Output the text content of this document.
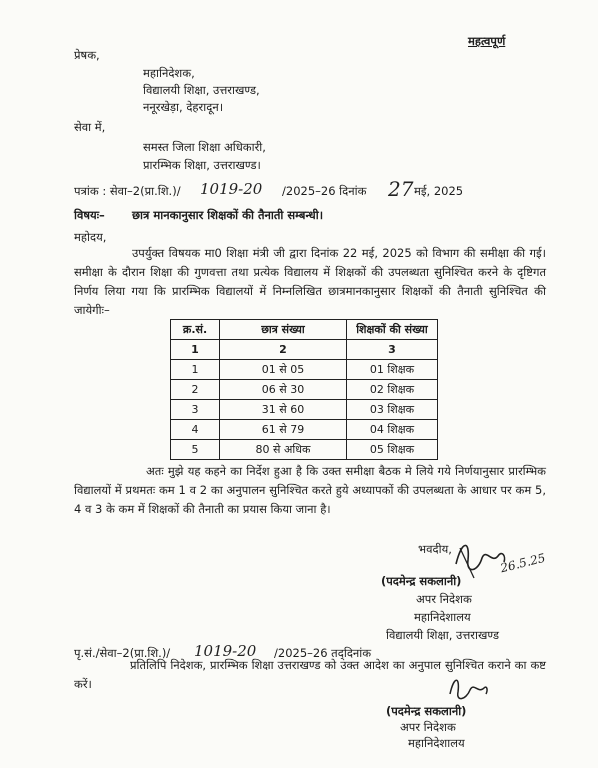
महत्वपूर्ण
प्रेषक,
महानिदेशक,
विद्यालयी शिक्षा, उत्तराखण्ड,
ननूरखेड़ा, देहरादून।
सेवा में,
समस्त जिला शिक्षा अधिकारी,
प्रारम्भिक शिक्षा, उत्तराखण्ड।
पत्रांक : सेवा–2(प्रा.शि.)/ 1019-20 /2025–26 दिनांक 27 मई, 2025
विषयः– छात्र मानकानुसार शिक्षकों की तैनाती सम्बन्धी।
महोदय,
उपर्युक्त विषयक मा0 शिक्षा मंत्री जी द्वारा दिनांक 22 मई, 2025 को विभाग की समीक्षा की गई। समीक्षा के दौरान शिक्षा की गुणवत्ता तथा प्रत्येक विद्यालय में शिक्षकों की उपलब्धता सुनिश्चित करने के दृष्टिगत निर्णय लिया गया कि प्रारम्भिक विद्यालयों में निम्नलिखित छात्रमानकानुसार शिक्षकों की तैनाती सुनिश्चित की जायेगीः–
क्र.सं.	छात्र संख्या	शिक्षकों की संख्या
1	2	3
1	01 से 05	01 शिक्षक
2	06 से 30	02 शिक्षक
3	31 से 60	03 शिक्षक
4	61 से 79	04 शिक्षक
5	80 से अधिक	05 शिक्षक
अतः मुझे यह कहने का निर्देश हुआ है कि उक्त समीक्षा बैठक मे लिये गये निर्णयानुसार प्रारम्भिक विद्यालयों में प्रथमतः कम 1 व 2 का अनुपालन सुनिश्चित करते हुये अध्यापकों की उपलब्धता के आधार पर कम 5, 4 व 3 के कम में शिक्षकों की तैनाती का प्रयास किया जाना है।
भवदीय,
26.5.25
(पदमेन्द्र सकलानी)
अपर निदेशक
महानिदेशालय
विद्यालयी शिक्षा, उत्तराखण्ड
पृ.सं./सेवा–2(प्रा.शि.)/ 1019-20 /2025–26 तद्‌दिनांक
प्रतिलिपि निदेशक, प्रारम्भिक शिक्षा उत्तराखण्ड को उक्त आदेश का अनुपाल सुनिश्चित कराने का कष्ट करें।
(पदमेन्द्र सकलानी)
अपर निदेशक
महानिदेशालय
